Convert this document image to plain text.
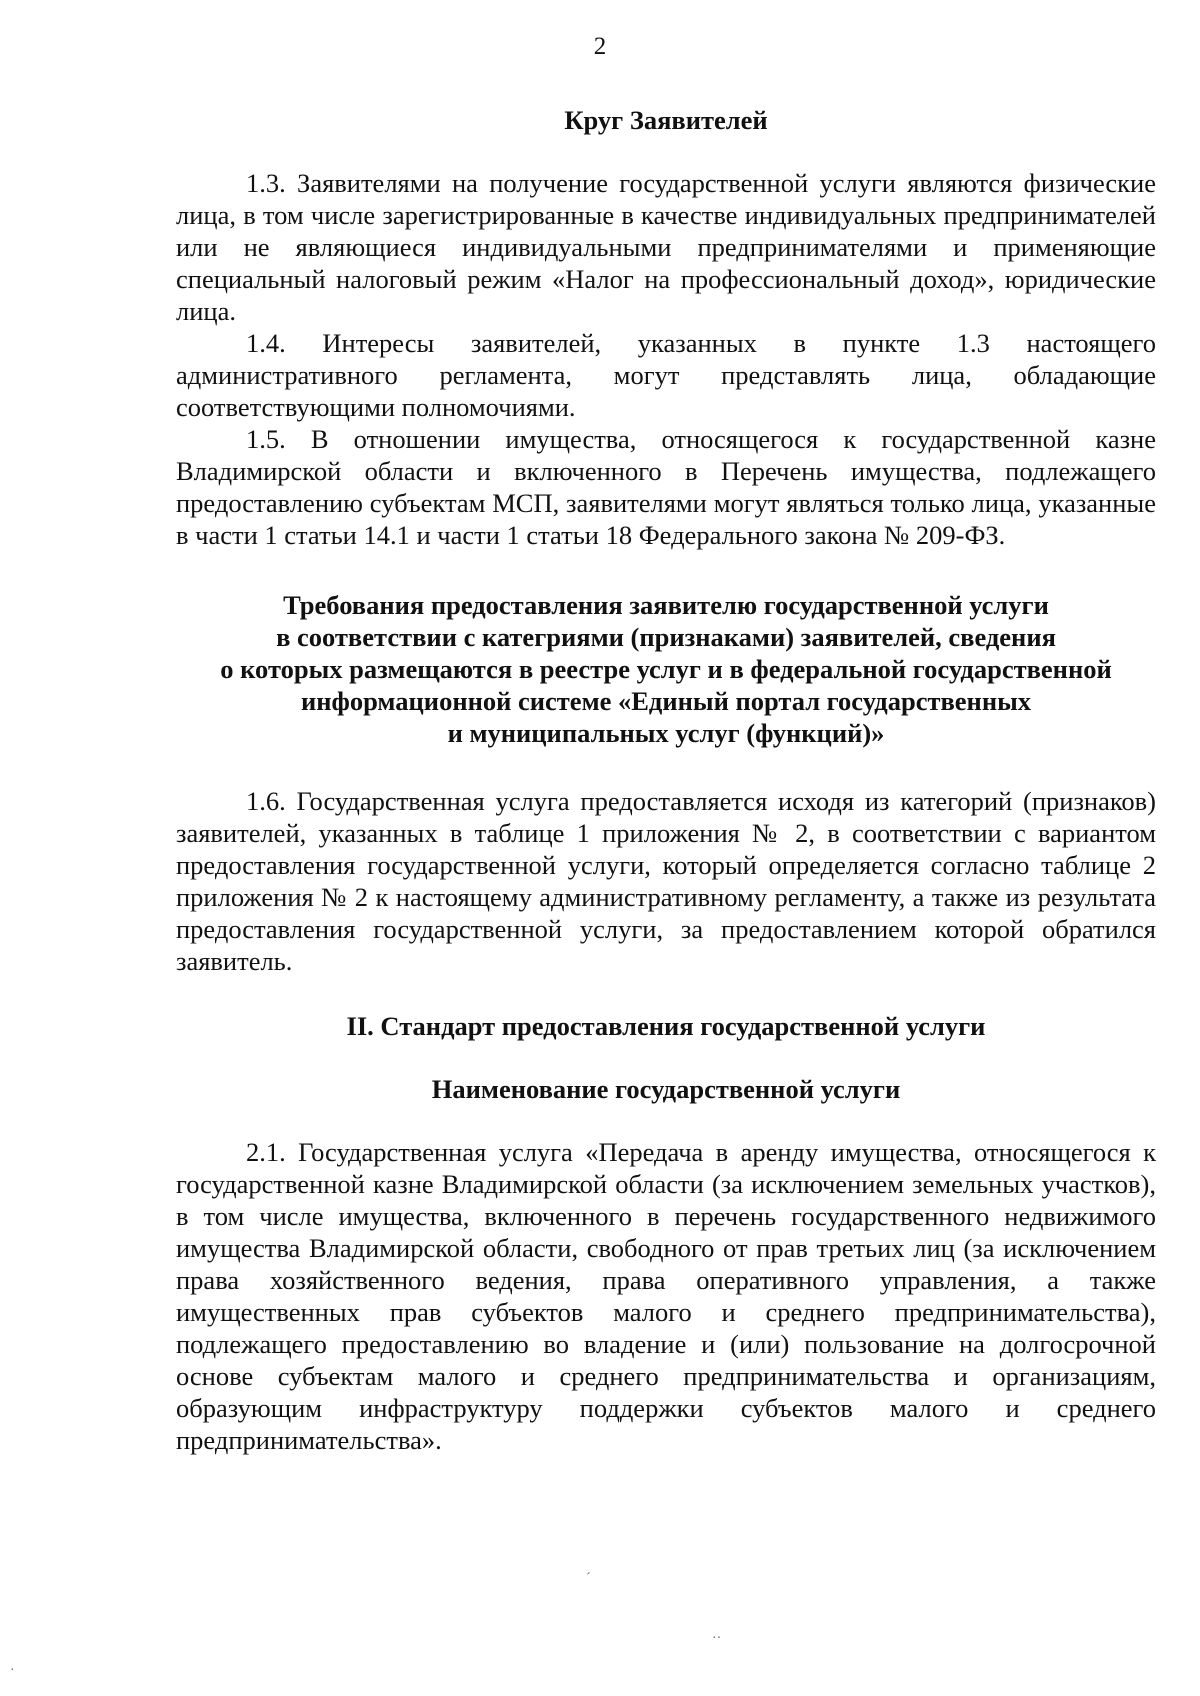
2

Круг Заявителей

1.3. Заявителями на получение государственной услуги являются физические лица, в том числе зарегистрированные в качестве индивидуальных предпринимателей или не являющиеся индивидуальными предпринимателями и применяющие специальный налоговый режим «Налог на профессиональный доход», юридические лица.

1.4. Интересы заявителей, указанных в пункте 1.3 настоящего административного регламента, могут представлять лица, обладающие соответствующими полномочиями.

1.5. В отношении имущества, относящегося к государственной казне Владимирской области и включенного в Перечень имущества, подлежащего предоставлению субъектам МСП, заявителями могут являться только лица, указанные в части 1 статьи 14.1 и части 1 статьи 18 Федерального закона № 209-ФЗ.

Требования предоставления заявителю государственной услуги
в соответствии с категриями (признаками) заявителей, сведения
о которых размещаются в реестре услуг и в федеральной государственной
информационной системе «Единый портал государственных
и муниципальных услуг (функций)»

1.6. Государственная услуга предоставляется исходя из категорий (признаков) заявителей, указанных в таблице 1 приложения № 2, в соответствии с вариантом предоставления государственной услуги, который определяется согласно таблице 2 приложения № 2 к настоящему административному регламенту, а также из результата предоставления государственной услуги, за предоставлением которой обратился заявитель.

II. Стандарт предоставления государственной услуги

Наименование государственной услуги

2.1. Государственная услуга «Передача в аренду имущества, относящегося к государственной казне Владимирской области (за исключением земельных участков), в том числе имущества, включенного в перечень государственного недвижимого имущества Владимирской области, свободного от прав третьих лиц (за исключением права хозяйственного ведения, права оперативного управления, а также имущественных прав субъектов малого и среднего предпринимательства), подлежащего предоставлению во владение и (или) пользование на долгосрочной основе субъектам малого и среднего предпринимательства и организациям, образующим инфраструктуру поддержки субъектов малого и среднего предпринимательства».

ˊ
··
·
